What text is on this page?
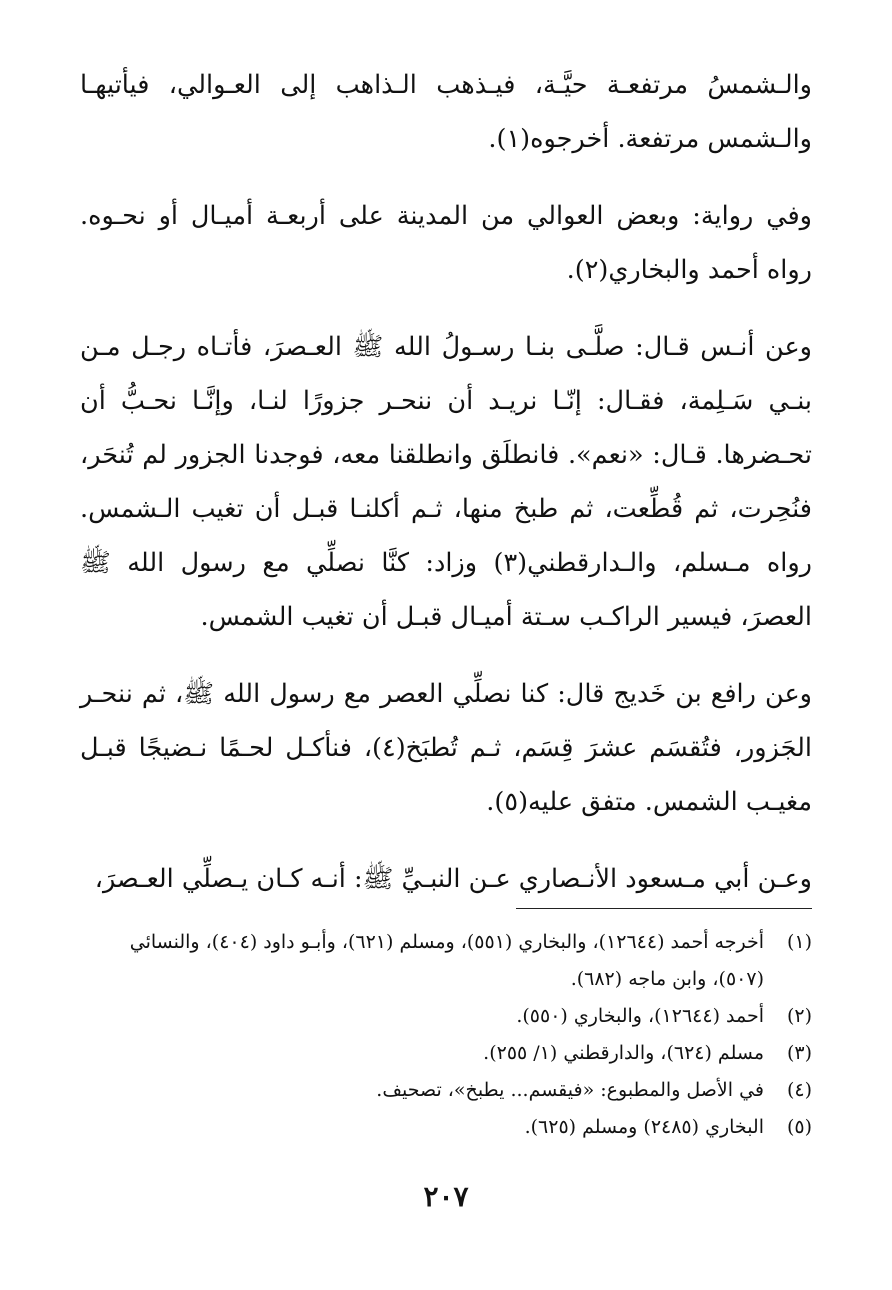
والـشمسُ مرتفعـة حيَّـة، فيـذهب الـذاهب إلى العـوالي، فيأتيهـا والـشمس مرتفعة. أخرجوه(١).

وفي رواية: وبعض العوالي من المدينة على أربعـة أميـال أو نحـوه. رواه أحمد والبخاري(٢).

وعن أنـس قـال: صلَّـى بنـا رسـولُ الله ﷺ العـصرَ، فأتـاه رجـل مـن بنـي سَـلِمة، فقـال: إنّـا نريـد أن ننحـر جزورًا لنـا، وإنَّـا نحـبُّ أن تحـضرها. قـال: «نعم». فانطلَق وانطلقنا معه، فوجدنا الجزور لم تُنحَر، فنُحِرت، ثم قُطِّعت، ثم طبخ منها، ثـم أكلنـا قبـل أن تغيب الـشمس. رواه مـسلم، والـدارقطني(٣) وزاد: كنَّا نصلِّي مع رسول الله ﷺ العصرَ، فيسير الراكـب سـتة أميـال قبـل أن تغيب الشمس.

وعن رافع بن خَديج قال: كنا نصلِّي العصر مع رسول الله ﷺ، ثم ننحـر الجَزور، فتُقسَم عشرَ قِسَم، ثـم تُطبَخ(٤)، فنأكـل لحـمًا نـضيجًا قبـل مغيـب الشمس. متفق عليه(٥).

وعـن أبي مـسعود الأنـصاري عـن النبـيِّ ﷺ: أنـه كـان يـصلِّي العـصرَ،

(١)
أخرجه أحمد (١٢٦٤٤)، والبخاري (٥٥١)، ومسلم (٦٢١)، وأبـو داود (٤٠٤)، والنسائي (٥٠٧)، وابن ماجه (٦٨٢).

(٢)
أحمد (١٢٦٤٤)، والبخاري (٥٥٠).

(٣)
مسلم (٦٢٤)، والدارقطني (١/ ٢٥٥).

(٤)
في الأصل والمطبوع: «فيقسم... يطبخ»، تصحيف.

(٥)
البخاري (٢٤٨٥) ومسلم (٦٢٥).

٢٠٧
